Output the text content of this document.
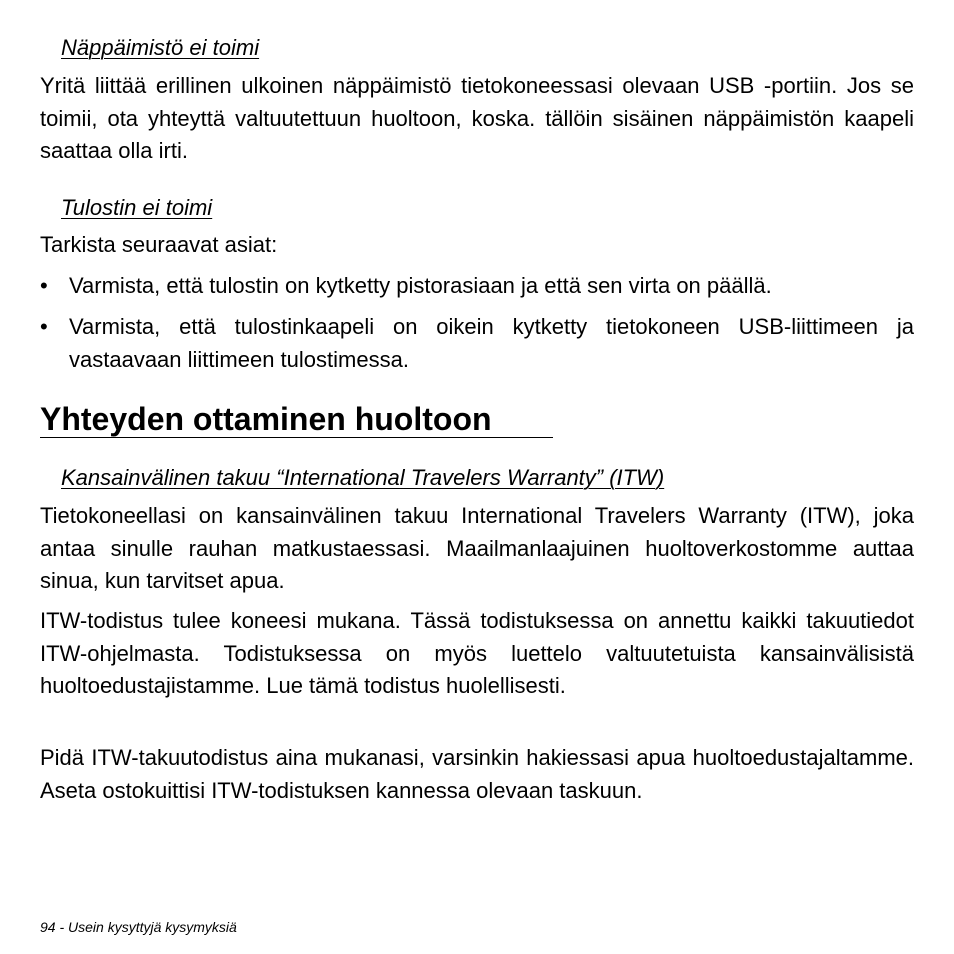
Näppäimistö ei toimi
Yritä liittää erillinen ulkoinen näppäimistö tietokoneessasi olevaan USB -portiin. Jos se toimii, ota yhteyttä valtuutettuun huoltoon, koska. tällöin sisäinen näppäimistön kaapeli saattaa olla irti.
Tulostin ei toimi
Tarkista seuraavat asiat:
• Varmista, että tulostin on kytketty pistorasiaan ja että sen virta on päällä.
• Varmista, että tulostinkaapeli on oikein kytketty tietokoneen USB-liittimeen ja vastaavaan liittimeen tulostimessa.
Yhteyden ottaminen huoltoon
Kansainvälinen takuu “International Travelers Warranty” (ITW)
Tietokoneellasi on kansainvälinen takuu International Travelers Warranty (ITW), joka antaa sinulle rauhan matkustaessasi. Maailmanlaajuinen huoltoverkostomme auttaa sinua, kun tarvitset apua.
ITW-todistus tulee koneesi mukana. Tässä todistuksessa on annettu kaikki takuutiedot ITW-ohjelmasta. Todistuksessa on myös luettelo valtuutetuista kansainvälisistä huoltoedustajistamme. Lue tämä todistus huolellisesti.
Pidä ITW-takuutodistus aina mukanasi, varsinkin hakiessasi apua huoltoedustajaltamme. Aseta ostokuittisi ITW-todistuksen kannessa olevaan taskuun.
94 - Usein kysyttyjä kysymyksiä
